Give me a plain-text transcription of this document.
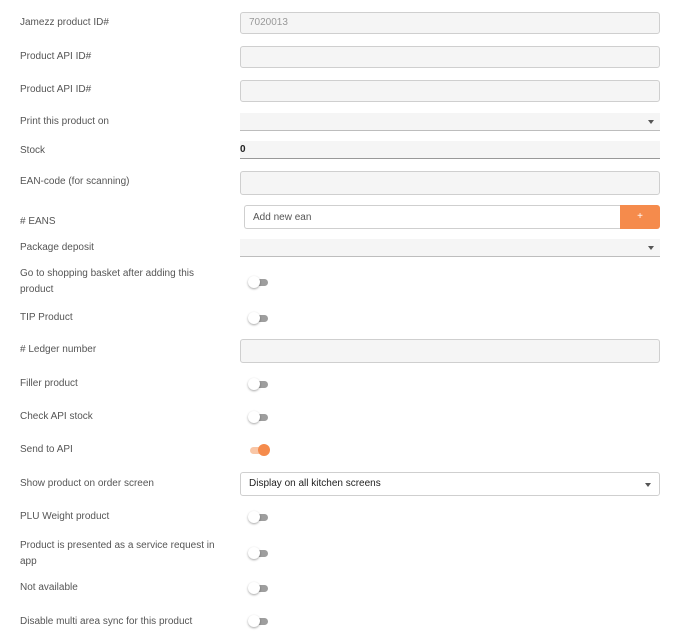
Jamezz product ID#	7020013
Product API ID#
Product API ID#
Print this product on
Stock	0
EAN-code (for scanning)
# EANS	Add new ean	+
Package deposit
Go to shopping basket after adding this product
TIP Product
# Ledger number
Filler product
Check API stock
Send to API
Show product on order screen	Display on all kitchen screens
PLU Weight product
Product is presented as a service request in app
Not available
Disable multi area sync for this product
